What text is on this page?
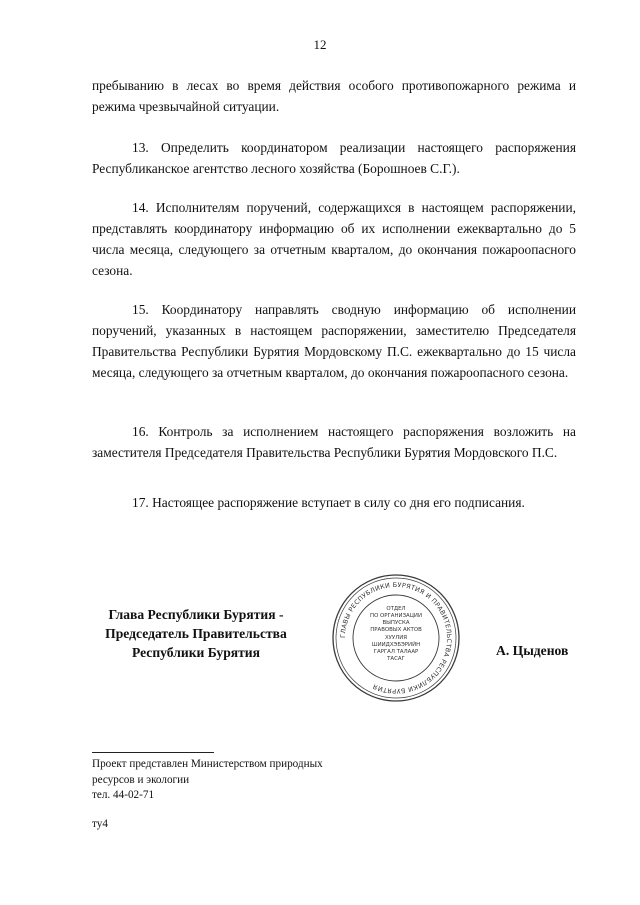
12

пребыванию в лесах во время действия особого противопожарного режима и режима чрезвычайной ситуации.

13. Определить координатором реализации настоящего распоряжения Республиканское агентство лесного хозяйства (Борошноев С.Г.).

14. Исполнителям поручений, содержащихся в настоящем распоряжении, представлять координатору информацию об их исполнении ежеквартально до 5 числа месяца, следующего за отчетным кварталом, до окончания пожароопасного сезона.

15. Координатору направлять сводную информацию об исполнении поручений, указанных в настоящем распоряжении, заместителю Председателя Правительства Республики Бурятия Мордовскому П.С. ежеквартально до 15 числа месяца, следующего за отчетным кварталом, до окончания пожароопасного сезона.

16. Контроль за исполнением настоящего распоряжения возложить на заместителя Председателя Правительства Республики Бурятия Мордовского П.С.

17. Настоящее распоряжение вступает в силу со дня его подписания.

Глава Республики Бурятия -
Председатель Правительства
Республики Бурятия
ГЛАВЫ РЕСПУБЛИКИ БУРЯТИЯ И ПРАВИТЕЛЬСТВА РЕСПУБЛИКИ БУРЯТИЯ
ОТДЕЛ
ПО ОРГАНИЗАЦИИ
ВЫПУСКА
ПРАВОВЫХ АКТОВ
ХУУЛИЯ
ШИИДХЭБЭРИЙН
ГАРГАЛ ТАЛААР
ТАСАГ
А. Цыденов
Проект представлен Министерством природных
ресурсов и экологии
тел. 44-02-71
ту4
